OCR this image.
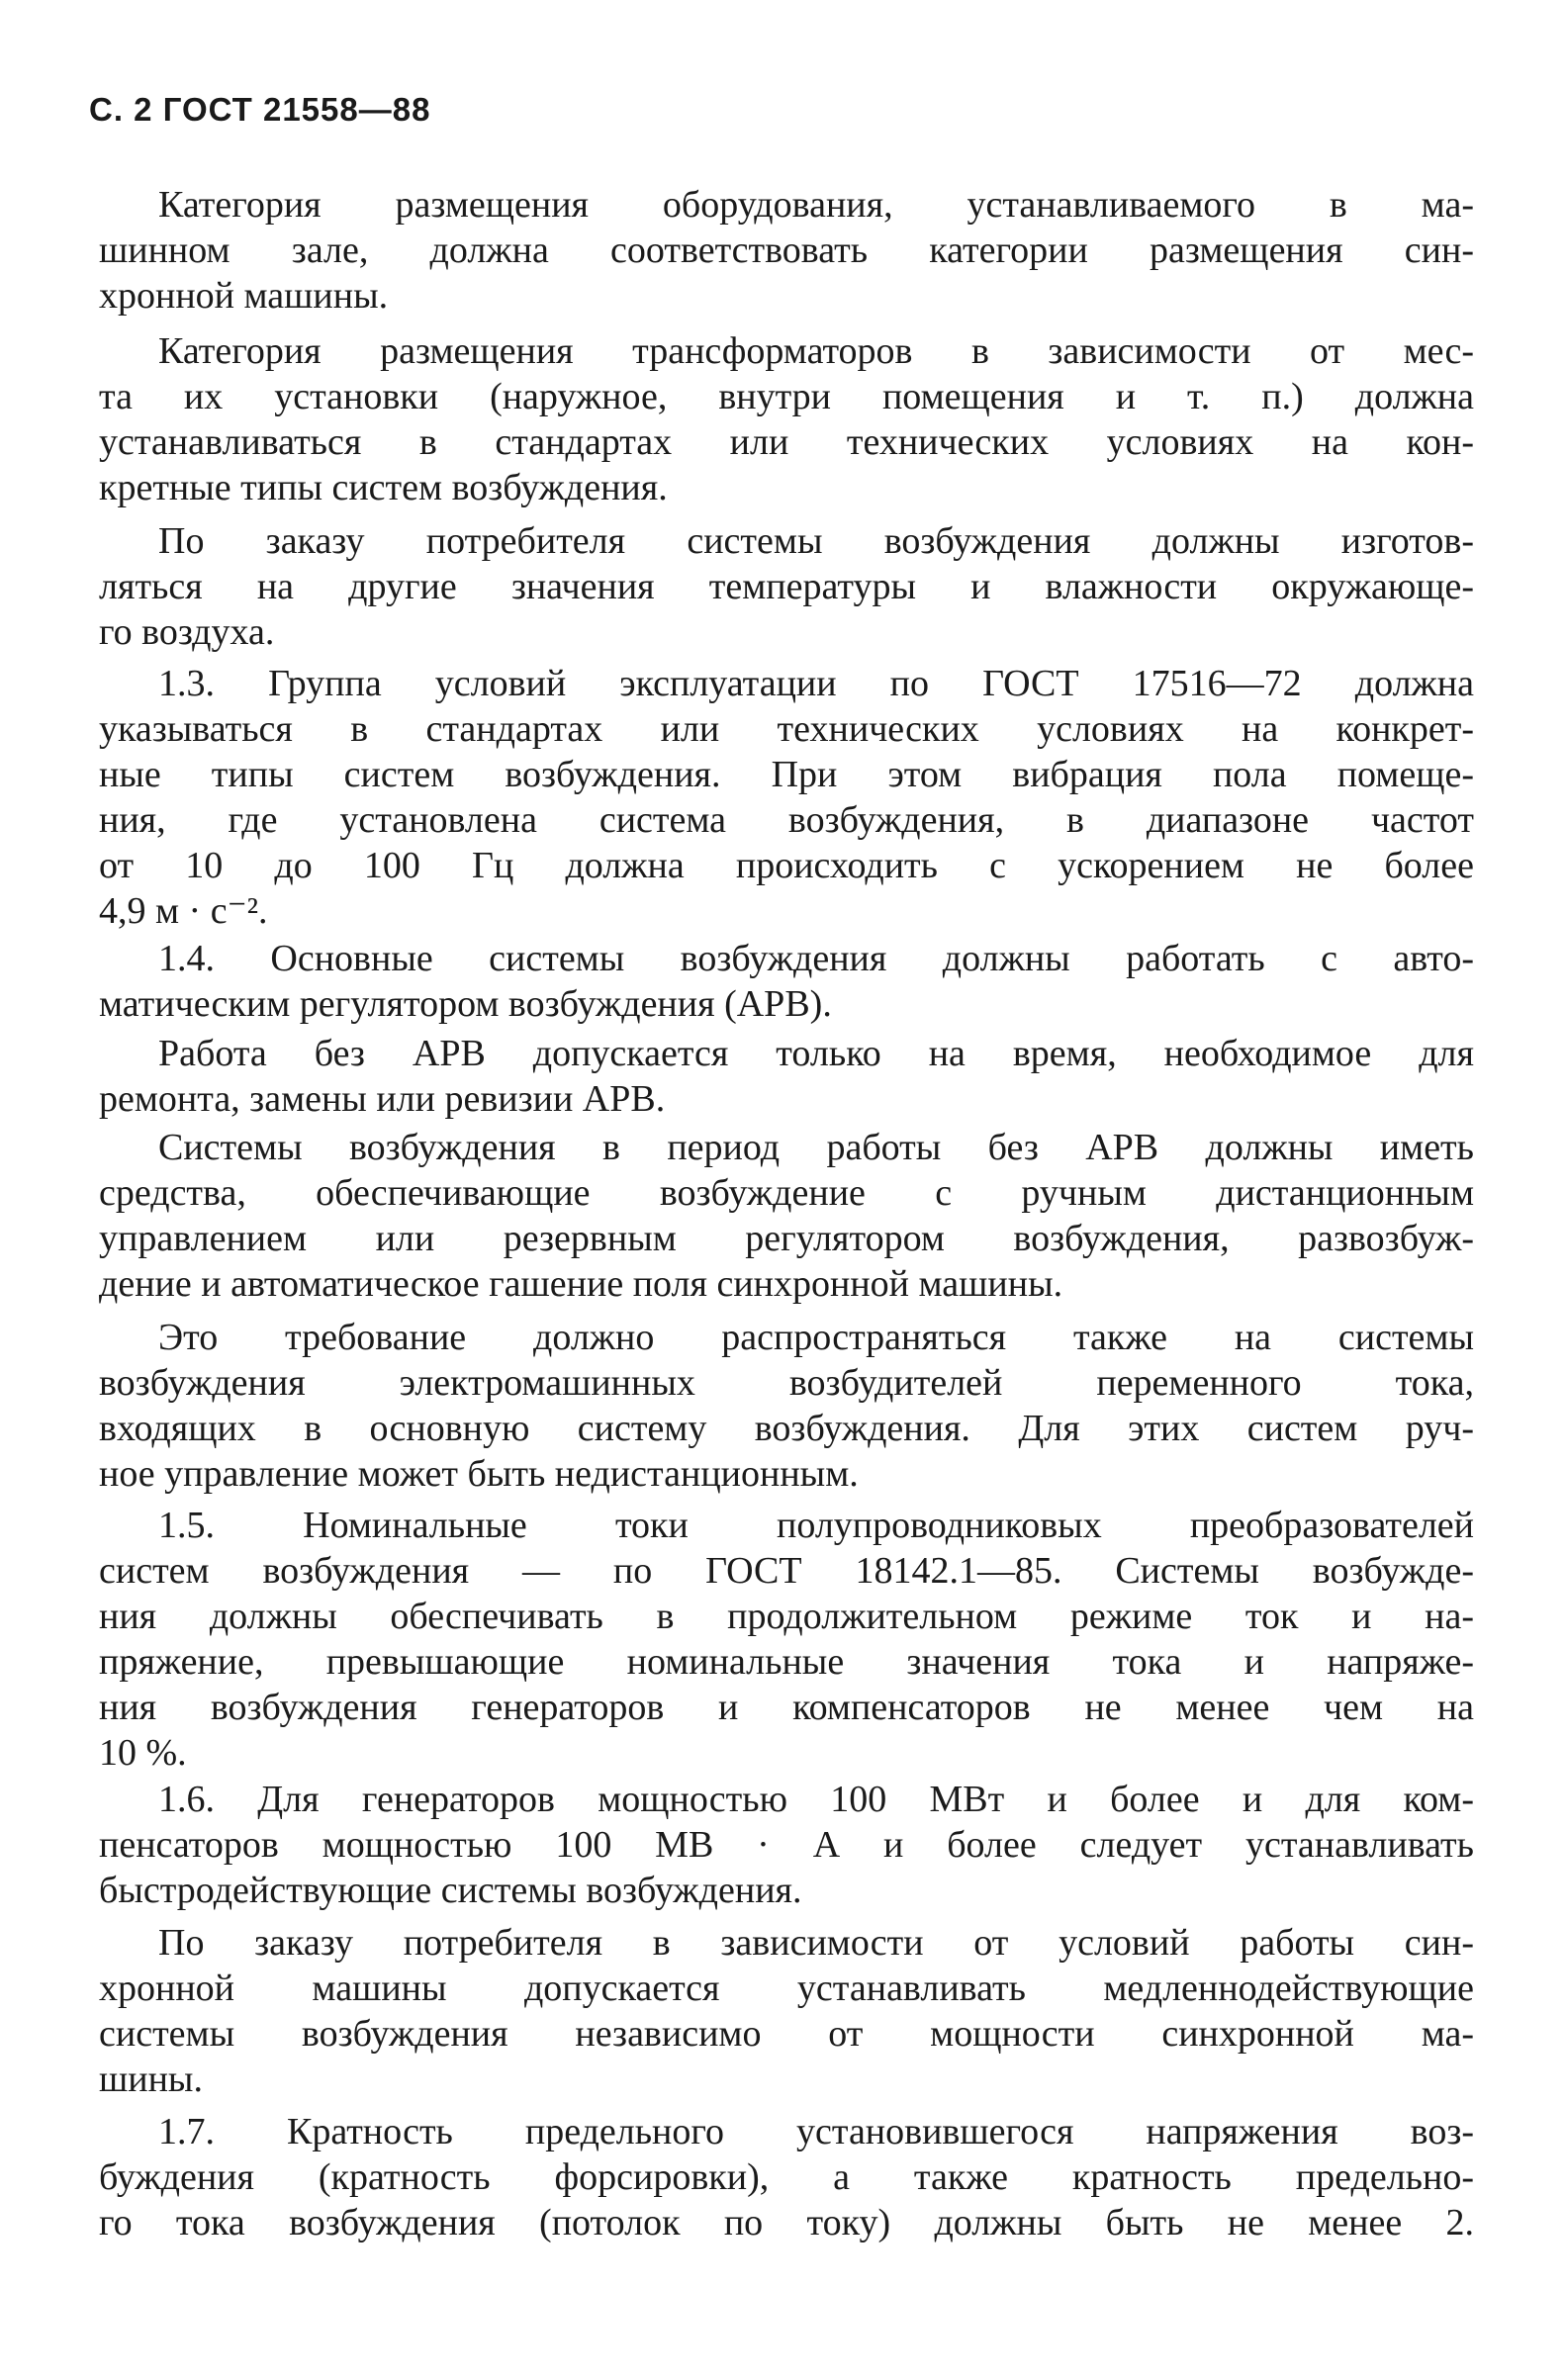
С. 2 ГОСТ 21558—88
Категория размещения оборудования, устанавливаемого в ма-
шинном зале, должна соответствовать категории размещения син-
хронной машины.
Категория размещения трансформаторов в зависимости от мес-
та их установки (наружное, внутри помещения и т. п.) должна
устанавливаться в стандартах или технических условиях на кон-
кретные типы систем возбуждения.
По заказу потребителя системы возбуждения должны изготов-
ляться на другие значения температуры и влажности окружающе-
го воздуха.
1.3. Группа условий эксплуатации по ГОСТ 17516—72 должна
указываться в стандартах или технических условиях на конкрет-
ные типы систем возбуждения. При этом вибрация пола помеще-
ния, где установлена система возбуждения, в диапазоне частот
от 10 до 100 Гц должна происходить с ускорением не более
4,9 м · с⁻².
1.4. Основные системы возбуждения должны работать с авто-
матическим регулятором возбуждения (АРВ).
Работа без АРВ допускается только на время, необходимое для
ремонта, замены или ревизии АРВ.
Системы возбуждения в период работы без АРВ должны иметь
средства, обеспечивающие возбуждение с ручным дистанционным
управлением или резервным регулятором возбуждения, развозбуж-
дение и автоматическое гашение поля синхронной машины.
Это требование должно распространяться также на системы
возбуждения электромашинных возбудителей переменного тока,
входящих в основную систему возбуждения. Для этих систем руч-
ное управление может быть недистанционным.
1.5. Номинальные токи полупроводниковых преобразователей
систем возбуждения — по ГОСТ 18142.1—85. Системы возбужде-
ния должны обеспечивать в продолжительном режиме ток и на-
пряжение, превышающие номинальные значения тока и напряже-
ния возбуждения генераторов и компенсаторов не менее чем на
10 %.
1.6. Для генераторов мощностью 100 МВт и более и для ком-
пенсаторов мощностью 100 МВ · А и более следует устанавливать
быстродействующие системы возбуждения.
По заказу потребителя в зависимости от условий работы син-
хронной машины допускается устанавливать медленнодействующие
системы возбуждения независимо от мощности синхронной ма-
шины.
1.7. Кратность предельного установившегося напряжения воз-
буждения (кратность форсировки), а также кратность предельно-
го тока возбуждения (потолок по току) должны быть не менее 2.
